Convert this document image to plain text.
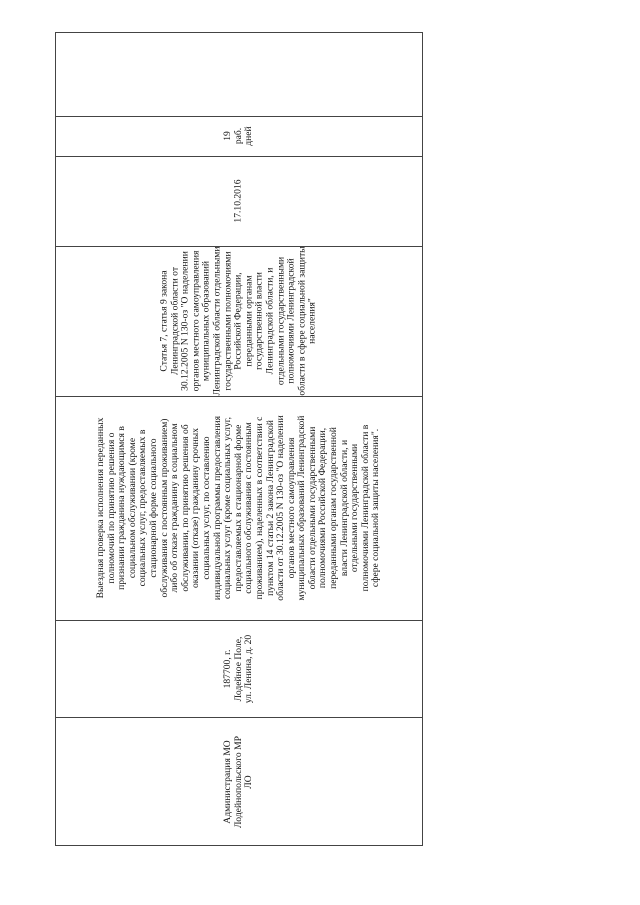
Администрация МО Лодейнопольского МР ЛО
187700, г. Лодейное Поле, ул. Ленина, д. 20
Выездная проверка исполнения переданных полномочий по принятию решения о признании гражданина нуждающимся в социальном обслуживании (кроме социальных услуг, предоставляемых в стационарной форме социального обслуживания с постоянным проживанием) либо об отказе гражданину в социальном обслуживании, по принятию решения об оказании (отказе) гражданину срочных социальных услуг, по составлению индивидуальной программы предоставления социальных услуг (кроме социальных услуг, предоставляемых в стационарной форме социального обслуживания с постоянным проживанием), наделенных в соответствии с пунктом 14 статьи 2 закона Ленинградской области от 30.12.2005 N 130-оз "О наделении органов местного самоуправления муниципальных образований Ленинградской области отдельными государственными полномочиями Российской Федерации, переданными органам государственной власти Ленинградской области, и отдельными государственными полномочиями Ленинградской области в сфере социальной защиты населения".
Статья 7, статья 9 закона Ленинградской области от 30.12.2005 N 130-оз "О наделении органов местного самоуправления муниципальных образований Ленинградской области отдельными государственными полномочиями Российской Федерации, переданными органам государственной власти Ленинградской области, и отдельными государственными полномочиями Ленинградской области в сфере социальной защиты населения"
17.10.2016
19 раб. дней
